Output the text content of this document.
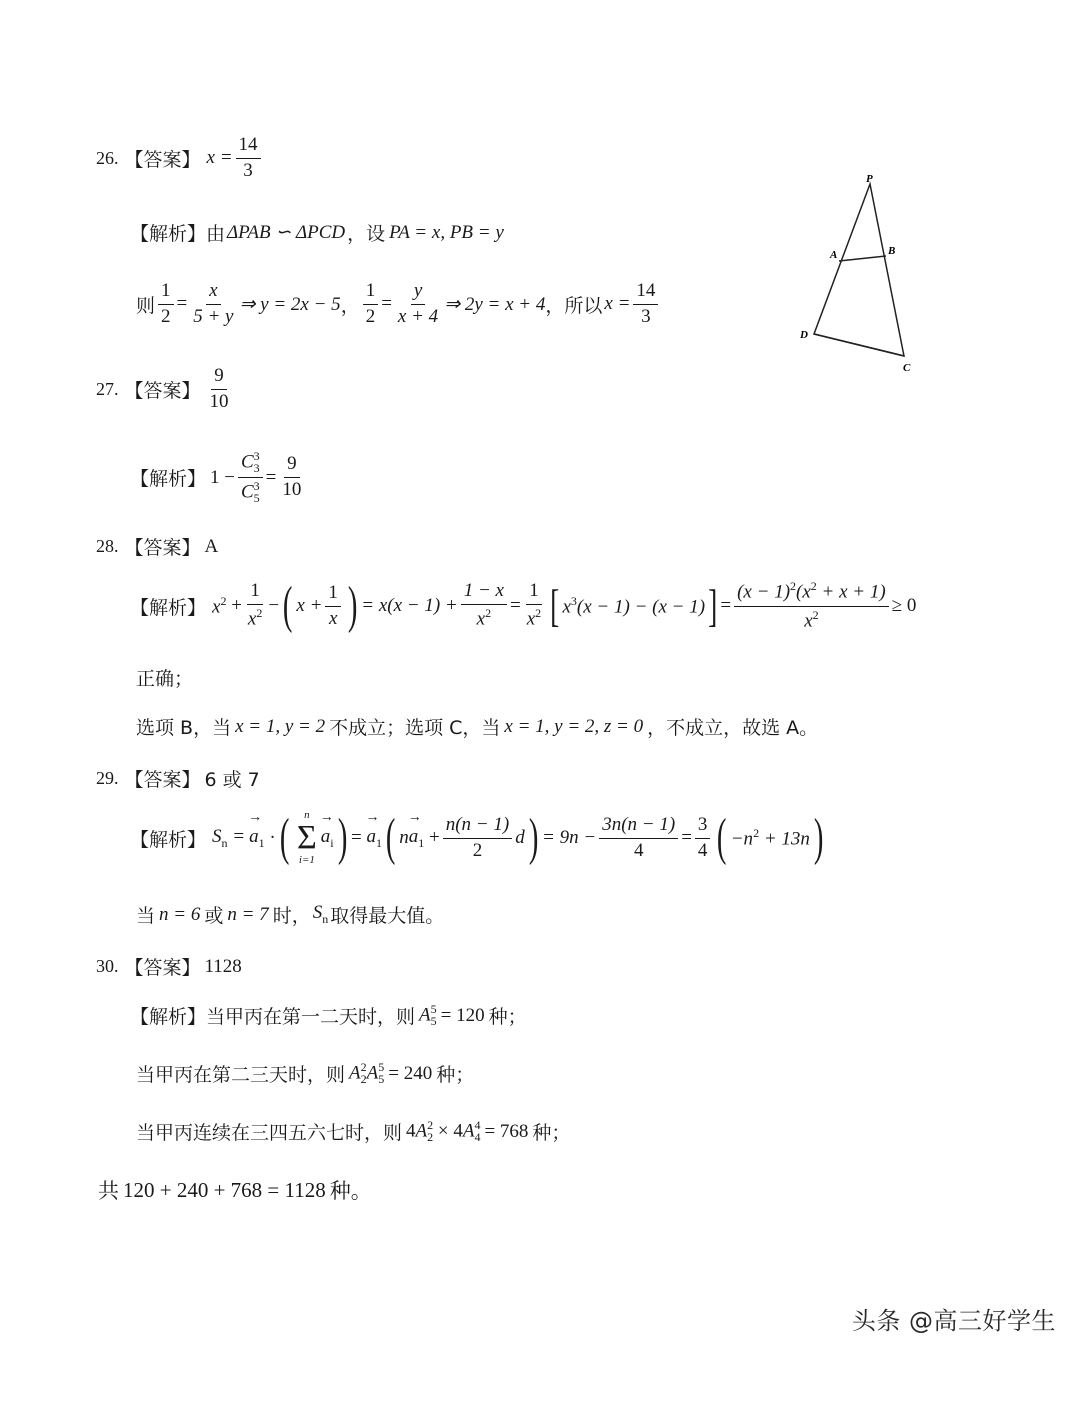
26. 【答案】 $x = \frac{14}{3}$
【解析】 由 ΔPAB ∽ ΔPCD ，设 PA = x, PB = y
则 $\frac{1}{2} = \frac{x}{5 + y}$ ⇒ y = 2x − 5 ， $\frac{1}{2} = \frac{y}{x + 4}$ ⇒ 2y = x + 4 ，所以 $x = \frac{14}{3}$
P
A	B
D
C
27. 【答案】 $\frac{9}{10}$
【解析】 $1 - \frac{C_3^3}{C_5^3} = \frac{9}{10}$
28. 【答案】 A
【解析】 $x^2 + \frac{1}{x^2}$ − ( $x + \frac{1}{x}$ ) = $x(x - 1) + \frac{1 - x}{x^2} = \frac{1}{x^2}$ [ $x^3(x - 1) - (x - 1)$ ] = $\frac{(x - 1)^2(x^2 + x + 1)}{x^2} \ge 0$
正确；
选项 B，当 x = 1, y = 2 不成立；选项 C，当 x = 1, y = 2, z = 0 ，不成立，故选 A。
29. 【答案】 6 或 7
【解析】 $S_n$ =
→ $a_1$ · ( n
Σ
i=1
→ $a_i$ ) =
→ $a_1$ ( n
→ $a_1 + \frac{n(n - 1)}{2}$ d ) = $9n - \frac{3n(n - 1)}{4} = \frac{3}{4}$ ( $-n^2 + 13n$ )
当 n = 6 或 n = 7 时， $S_n$ 取得最大值。
30. 【答案】 1128
【解析】 当甲丙在第一二天时，则 $A_5^5 = 120$ 种；
当甲丙在第二三天时，则 $A_2^2A_5^5 = 240$ 种；
当甲丙连续在三四五六七时，则 $4A_2^2 \times 4A_4^4 = 768$ 种；
共 120 + 240 + 768 = 1128 种。
头条 @高三好学生
